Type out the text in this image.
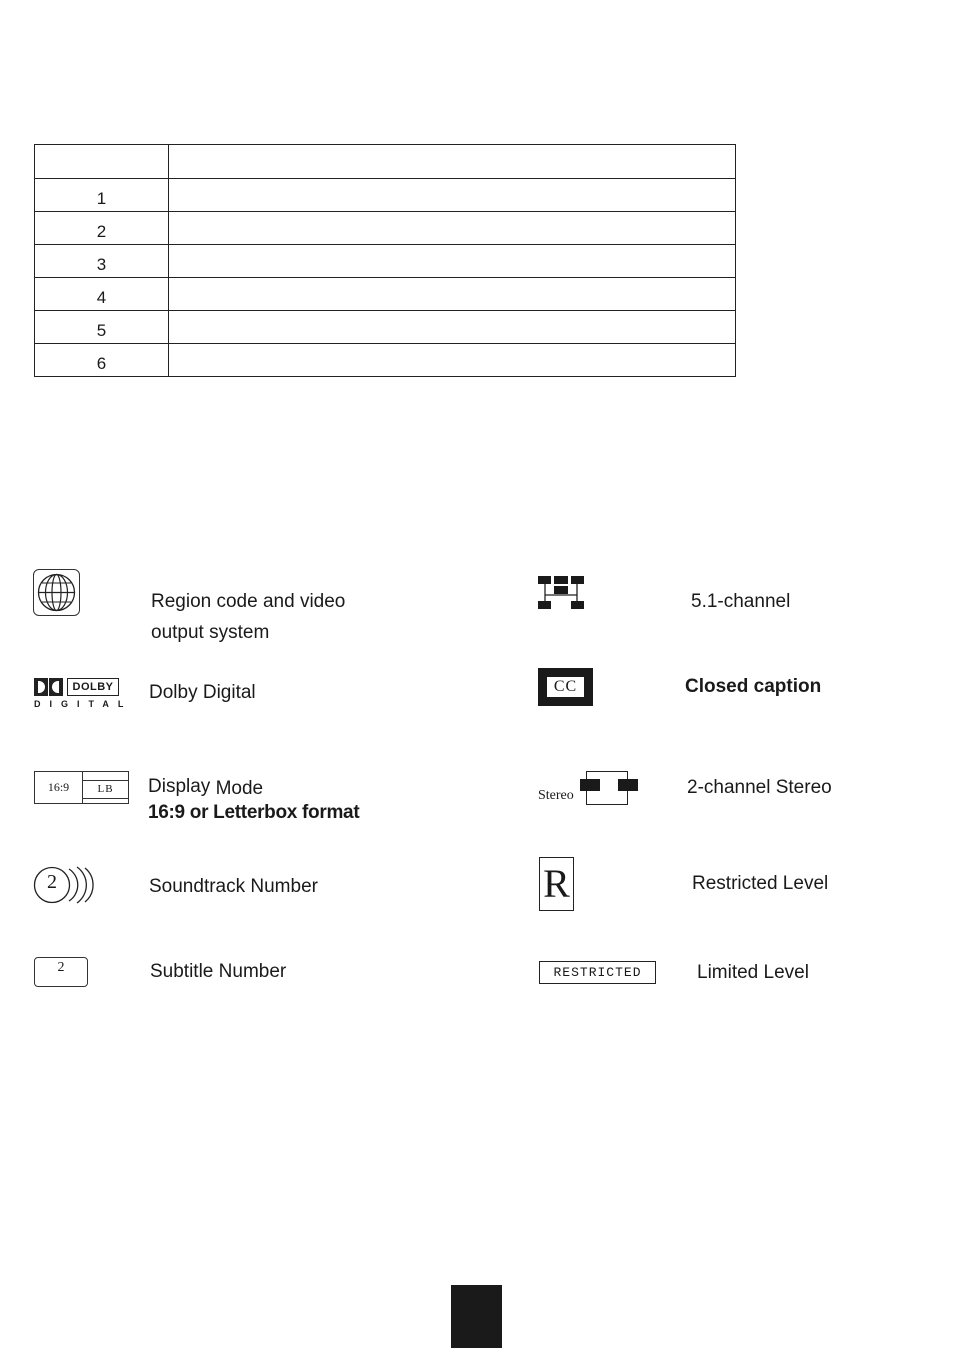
1	
2	
3	
4	
5	
6	
Region code and video
output system
DOLBY
DIGITAL
Dolby Digital
16:9	LB	Display Mode
16:9 or Letterbox format
2	Soundtrack Number
2	Subtitle Number
5.1-channel
CC	Closed caption
Stereo	2-channel Stereo
R	Restricted Level
RESTRICTED	Limited Level
